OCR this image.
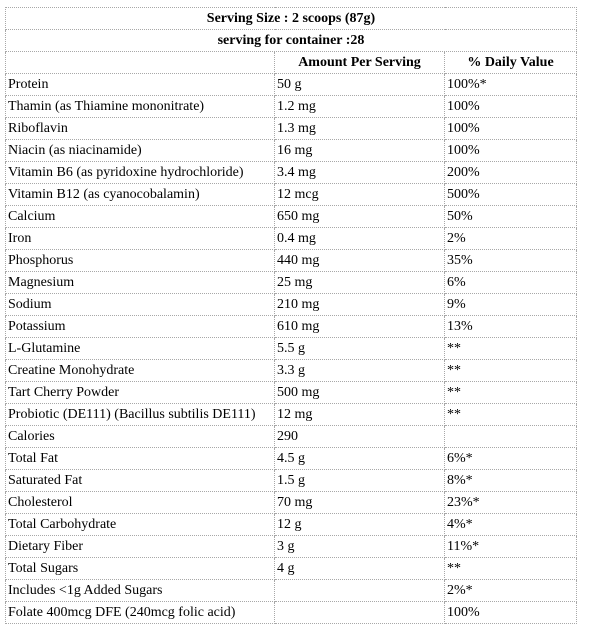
Serving Size : 2 scoops (87g)		
serving for container :28		
	Amount Per Serving	% Daily Value
Protein	50 g	100%*
Thamin (as Thiamine mononitrate)	1.2 mg	100%
Riboflavin	1.3 mg	100%
Niacin (as niacinamide)	16 mg	100%
Vitamin B6 (as pyridoxine hydrochloride)	3.4 mg	200%
Vitamin B12 (as cyanocobalamin)	12 mcg	500%
Calcium	650 mg	50%
Iron	0.4 mg	2%
Phosphorus	440 mg	35%
Magnesium	25 mg	6%
Sodium	210 mg	9%
Potassium	610 mg	13%
L-Glutamine	5.5 g	**
Creatine Monohydrate	3.3 g	**
Tart Cherry Powder	500 mg	**
Probiotic (DE111) (Bacillus subtilis DE111)	12 mg	**
Calories	290	
Total Fat	4.5 g	6%*
Saturated Fat	1.5 g	8%*
Cholesterol	70 mg	23%*
Total Carbohydrate	12 g	4%*
Dietary Fiber	3 g	11%*
Total Sugars	4 g	**
Includes <1g Added Sugars		2%*
Folate 400mcg DFE (240mcg folic acid)		100%
